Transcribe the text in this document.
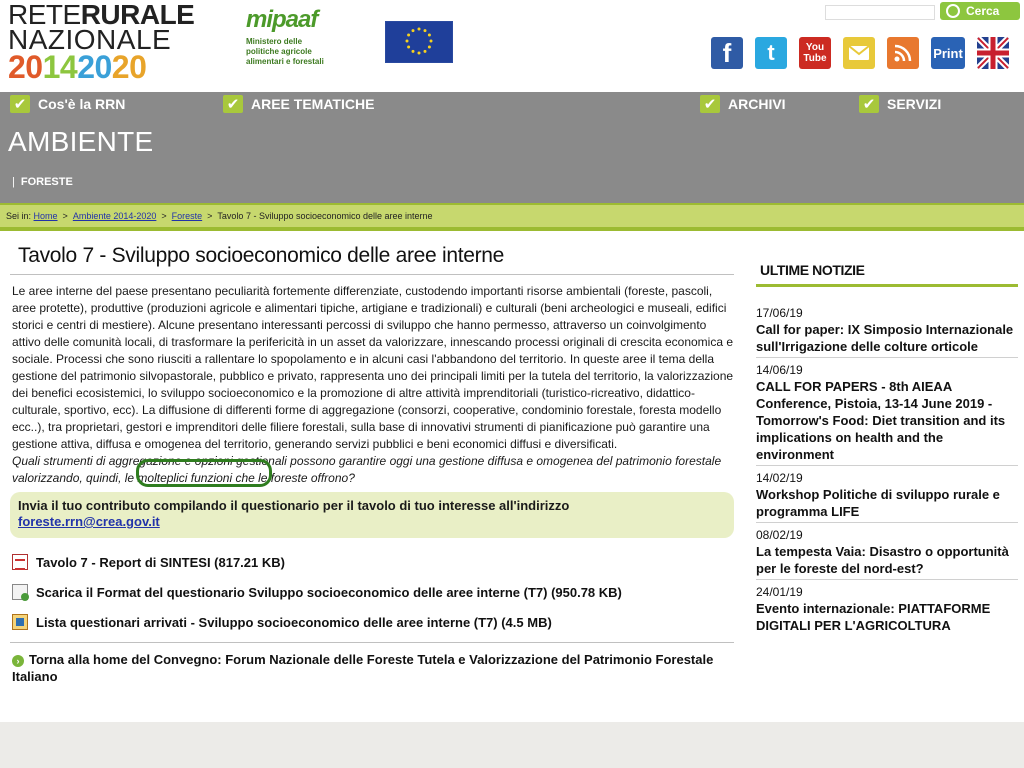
RETERURALE
NAZIONALE
20142020
mipaaf
Ministero delle politiche agricole alimentari e forestali
Cerca
f t	You
Tube	Print
✔ Cos'è la RRN	✔ AREE TEMATICHE	✔ ARCHIVI	✔ SERVIZI
AMBIENTE
| FORESTE
Sei in:
Home > Ambiente 2014-2020 > Foreste > Tavolo 7 - Sviluppo socioeconomico delle aree interne
Tavolo 7 - Sviluppo socioeconomico delle aree interne

Le aree interne del paese presentano peculiarità fortemente differenziate, custodendo importanti risorse ambientali (foreste, pascoli, aree protette), produttive (produzioni agricole e alimentari tipiche, artigiane e tradizionali) e culturali (beni archeologici e museali, edifici storici e centri di mestiere). Alcune presentano interessanti percossi di sviluppo che hanno permesso, attraverso un coinvolgimento attivo delle comunità locali, di trasformare la perifericità in un asset da valorizzare, innescando processi originali di crescita economica e sociale. Processi che sono riusciti a rallentare lo spopolamento e in alcuni casi l'abbandono del territorio. In queste aree il tema della gestione del patrimonio silvopastorale, pubblico e privato, rappresenta uno dei principali limiti per la tutela del territorio, la valorizzazione dei benefici ecosistemici, lo sviluppo socioeconomico e la promozione di altre attività imprenditoriali (turistico-ricreativo, didattico-culturale, sportivo, ecc). La diffusione di differenti forme di aggregazione (consorzi, cooperative, condominio forestale, foresta modello ecc..), tra proprietari, gestori e imprenditori delle filiere forestali, sulla base di innovativi strumenti di pianificazione può garantire una gestione attiva, diffusa e omogenea del territorio, generando servizi pubblici e beni economici diffusi e diversificati.

Quali strumenti di aggregazione e opzioni gestionali possono garantire oggi una gestione diffusa e omogenea del patrimonio forestale valorizzando, quindi, le molteplici funzioni che le foreste offrono?

Invia il tuo contributo compilando il questionario per il tavolo di tuo interesse all'indirizzo
foreste.rrn@crea.gov.it
Tavolo 7 - Report di SINTESI (817.21 KB)
Scarica il Format del questionario Sviluppo socioeconomico delle aree interne (T7) (950.78 KB)
Lista questionari arrivati - Sviluppo socioeconomico delle aree interne (T7) (4.5 MB)
› Torna alla home del Convegno: Forum Nazionale delle Foreste Tutela e Valorizzazione del Patrimonio Forestale Italiano
ULTIME NOTIZIE
17/06/19
Call for paper: IX Simposio Internazionale sull'Irrigazione delle colture orticole
14/06/19
CALL FOR PAPERS - 8th AIEAA Conference, Pistoia, 13-14 June 2019 - Tomorrow's Food: Diet transition and its implications on health and the environment
14/02/19
Workshop Politiche di sviluppo rurale e programma LIFE
08/02/19
La tempesta Vaia: Disastro o opportunità per le foreste del nord-est?
24/01/19
Evento internazionale: PIATTAFORME DIGITALI PER L'AGRICOLTURA
